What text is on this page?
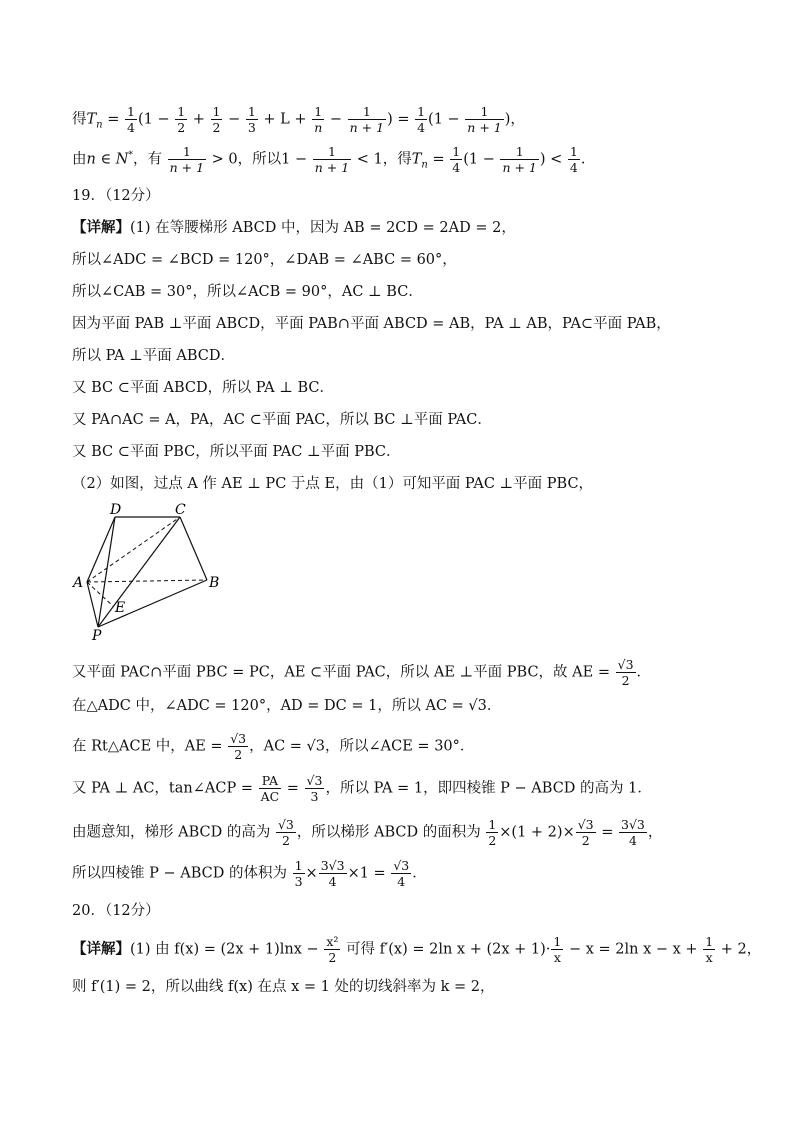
得$T_n = \frac{1}{4} (1 - \frac{1}{2} + \frac{1}{2} - \frac{1}{3} + L + \frac{1}{n} - \frac{1}{n + 1}$ ) = $\frac{1}{4} (1 - \frac{1}{n + 1}$ )，
由n ∈ N*，有 $\frac{1}{n + 1} > 0$，所以$1 - \frac{1}{n + 1} < 1$，得$T_n = \frac{1}{4} (1 - \frac{1}{n + 1}$ ) < $\frac{1}{4}$ .
19．（12分）
【详解】(1) 在等腰梯形 ABCD 中，因为 AB = 2CD = 2AD = 2，
所以∠ADC = ∠BCD = 120°，∠DAB = ∠ABC = 60°，
所以∠CAB = 30°，所以∠ACB = 90°，AC ⊥ BC．
因为平面 PAB ⊥平面 ABCD，平面 PAB∩平面 ABCD = AB，PA ⊥ AB，PA⊂平面 PAB，
所以 PA ⊥平面 ABCD．
又 BC ⊂平面 ABCD，所以 PA ⊥ BC．
又 PA∩AC = A，PA，AC ⊂平面 PAC，所以 BC ⊥平面 PAC．
又 BC ⊂平面 PBC，所以平面 PAC ⊥平面 PBC．
（2）如图，过点 A 作 AE ⊥ PC 于点 E，由（1）可知平面 PAC ⊥平面 PBC，
D	C
A	B
E
P
又平面 PAC∩平面 PBC = PC，AE ⊂平面 PAC，所以 AE ⊥平面 PBC，故 AE = $\frac{√3}{2}$ ．
在△ADC 中，∠ADC = 120°，AD = DC = 1，所以 AC = √3．
在 Rt△ACE 中，AE = $\frac{√3}{2}$ ，AC = √3，所以∠ACE = 30°．
又 PA ⊥ AC，tan∠ACP = $\frac{PA}{AC} = \frac{√3}{3}$ ，所以 PA = 1，即四棱锥 P − ABCD 的高为 1．
由题意知，梯形 ABCD 的高为 $\frac{√3}{2}$ ，所以梯形 ABCD 的面积为 $\frac{1}{2} \times(1 + 2)\times \frac{√3}{2} = \frac{3√3}{4}$ ，
所以四棱锥 P − ABCD 的体积为 $\frac{1}{3} \times \frac{3√3}{4} \times 1 = \frac{√3}{4}$ ．
20．（12分）
【详解】(1) 由 $f(x) = (2x + 1)\ln x - \frac{\text{x²}}{2}$ 可得 f′(x) = 2ln $x + (2x + 1)\cdot \frac{1}{x} - x = 2\ln$ $x - x + \frac{1}{x} + 2$，
则 f′(1) = 2，所以曲线 f(x) 在点 x = 1 处的切线斜率为 k = 2，
